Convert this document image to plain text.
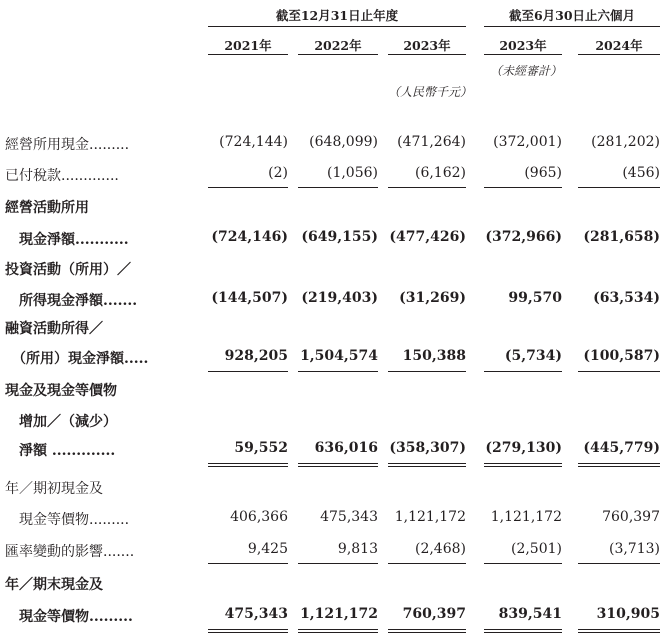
截至12月31日止年度	截至6月30日止六個月
2021年	2022年	2023年	2023年	2024年
（未經審計）
（人民幣千元）
經營所用現金.........	(724,144)	(648,099)	(471,264)	(372,001)	(281,202)
已付稅款.............	(2)	(1,056)	(6,162)	(965)	(456)
經營活動所用
　現金淨額...........	(724,146) (649,155) (477,426)	(372,966)	(281,658)
投資活動（所用）／
　所得現金淨額.......	(144,507) (219,403)	(31,269)	99,570	(63,534)
融資活動所得／
　（所用）現金淨額.....	928,205 1,504,574	150,388	(5,734)	(100,587)
現金及現金等價物
　增加／（減少）
　淨額 .............	59,552	636,016 (358,307)	(279,130)	(445,779)
年／期初現金及
　現金等價物.........	406,366	475,343	1,121,172	1,121,172	760,397
匯率變動的影響.......	9,425	9,813	(2,468)	(2,501)	(3,713)
年／期末現金及
　現金等價物.........	475,343 1,121,172	760,397	839,541	310,905
